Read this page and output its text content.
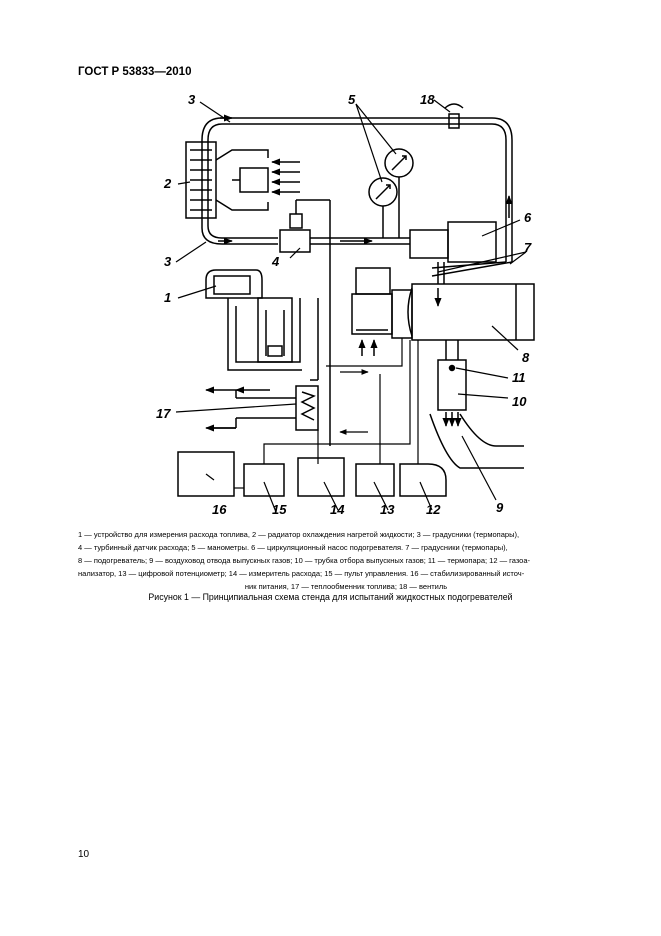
ГОСТ Р 53833—2010
3
2
3	4
5	18
6
7
1
8
11
10
17
9
16	15	14	13 12

1 — устройство для измерения расхода топлива, 2 — радиатор охлаждения нагретой жидкости; 3 — градусники (термопары),

4 — турбинный датчик расхода; 5 — манометры. 6 — циркуляционный насос подогревателя. 7 — градусники (термопары),

8 — подогреватель; 9 — воздуховод отвода выпускных газов; 10 — трубка отбора выпускных газов; 11 — термопара; 12 — газоа-

нализатор, 13 — цифровой потенциометр; 14 — измеритель расхода; 15 — пульт управления. 16 — стабилизированный источ-

ник питания, 17 — теплообменник топлива; 18 — вентиль

Рисунок 1 — Принципиальная схема стенда для испытаний жидкостных подогревателей
10
